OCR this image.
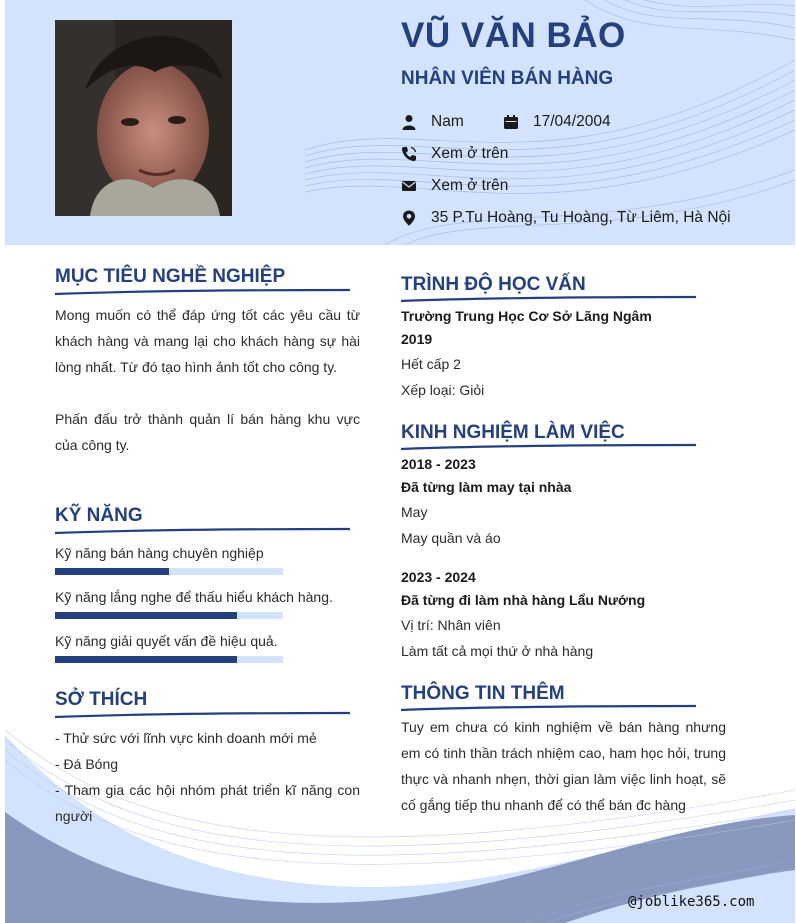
VŨ VĂN BẢO
NHÂN VIÊN BÁN HÀNG
Nam	17/04/2004
Xem ở trên
Xem ở trên
35 P.Tu Hoàng, Tu Hoàng, Từ Liêm, Hà Nội
MỤC TIÊU NGHỀ NGHIỆP

Mong muốn có thể đáp ứng tốt các yêu cầu từ khách hàng và mang lại cho khách hàng sự hài lòng nhất. Từ đó tạo hình ảnh tốt cho công ty.

Phấn đấu trở thành quản lí bán hàng khu vực của công ty.

KỸ NĂNG
Kỹ năng bán hàng chuyên nghiệp
Kỹ năng lắng nghe để thấu hiểu khách hàng.
Kỹ năng giải quyết vấn đề hiệu quả.
SỞ THÍCH

- Thử sức với lĩnh vực kinh doanh mới mẻ

- Đá Bóng

- Tham gia các hội nhóm phát triển kĩ năng con người

TRÌNH ĐỘ HỌC VẤN
Trường Trung Học Cơ Sở Lãng Ngâm
2019
Hết cấp 2
Xếp loại: Giỏi
KINH NGHIỆM LÀM VIỆC
2018 - 2023
Đã từng làm may tại nhàa
May
May quần và áo
2023 - 2024
Đã từng đi làm nhà hàng Lẩu Nướng
Vị trí: Nhân viên
Làm tất cả mọi thứ ở nhà hàng
THÔNG TIN THÊM

Tuy em chưa có kinh nghiệm về bán hàng nhưng em có tinh thần trách nhiệm cao, ham học hỏi, trung thực và nhanh nhẹn, thời gian làm việc linh hoạt, sẽ cố gắng tiếp thu nhanh để có thể bán đc hàng

@joblike365.com
